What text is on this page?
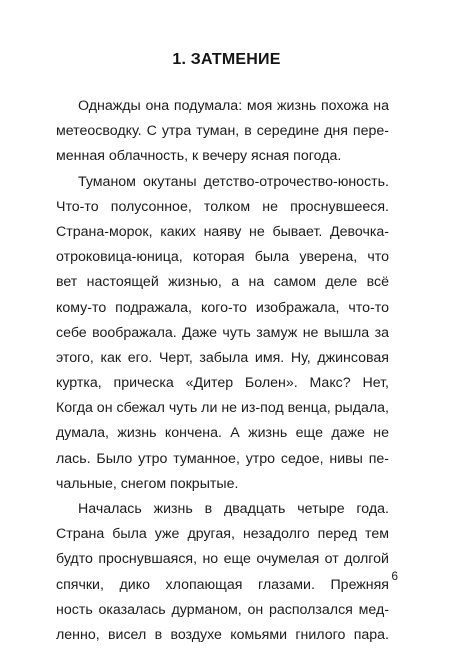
1. ЗАТМЕНИЕ
Однажды она подумала: моя жизнь похожа на
метеосводку. С утра туман, в середине дня пере-
менная облачность, к вечеру ясная погода.
Туманом окутаны детство-отрочество-юность.
Что-то полусонное, толком не проснувшееся.
Страна-морок, каких наяву не бывает. Девочка-
отроковица-юница, которая была уверена, что
вет настоящей жизнью, а на самом деле всё
кому-то подражала, кого-то изображала, что-то
себе воображала. Даже чуть замуж не вышла за
этого, как его. Черт, забыла имя. Ну, джинсовая
куртка, прическа «Дитер Болен». Макс? Нет,
Когда он сбежал чуть ли не из-под венца, рыдала,
думала, жизнь кончена. А жизнь еще даже не
лась. Было утро туманное, утро седое, нивы пе-
чальные, снегом покрытые.
Началась жизнь в двадцать четыре года.
Страна была уже другая, незадолго перед тем
будто проснувшаяся, но еще очумелая от долгой
спячки, дико хлопающая глазами. Прежняя
ность оказалась дурманом, он расползался мед-
ленно, висел в воздухе комьями гнилого пара.
6
